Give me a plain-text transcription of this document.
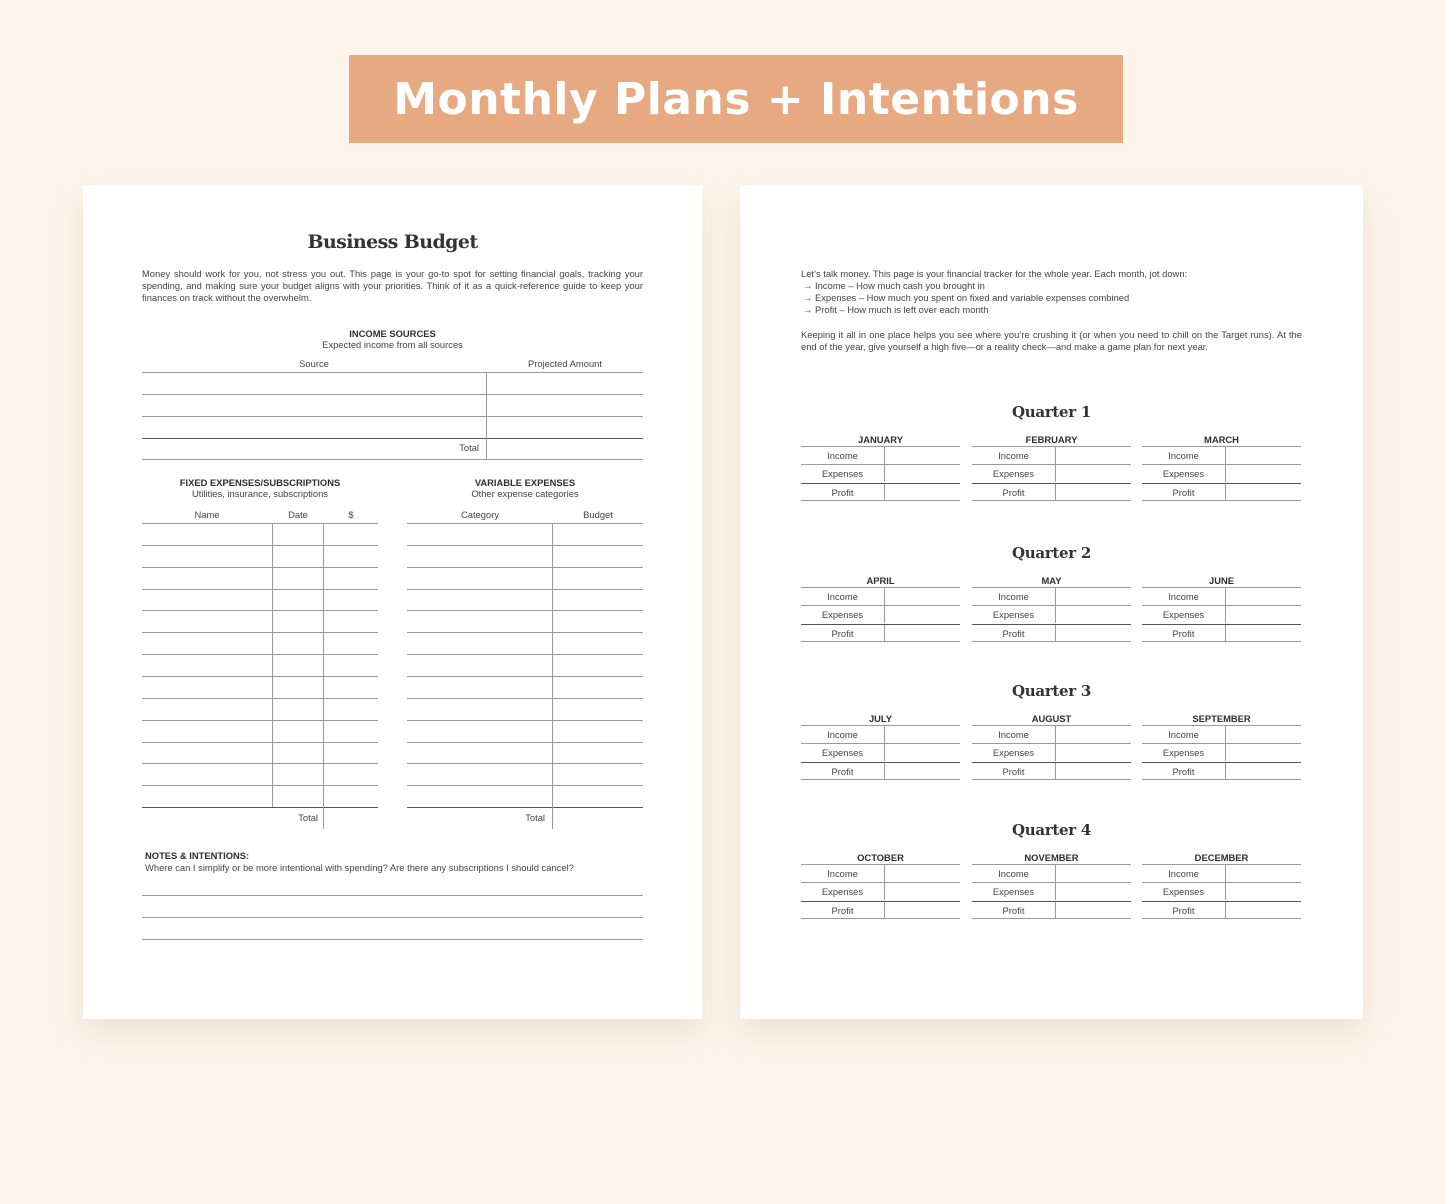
Monthly Plans + Intentions
Business Budget
Money should work for you, not stress you out. This page is your go-to spot for setting financial goals, tracking your spending, and making sure your budget aligns with your priorities. Think of it as a quick-reference guide to keep your finances on track without the overwhelm.
INCOME SOURCES
Expected income from all sources
Source	Projected Amount
Total
FIXED EXPENSES/SUBSCRIPTIONS
Utilities, insurance, subscriptions
Name	Date	$
Total
VARIABLE EXPENSES
Other expense categories
Category	Budget
Total
NOTES & INTENTIONS:
Where can I simplify or be more intentional with spending? Are there any subscriptions I should cancel?
Let’s talk money. This page is your financial tracker for the whole year. Each month, jot down:
→ Income – How much cash you brought in
→ Expenses – How much you spent on fixed and variable expenses combined
→ Profit – How much is left over each month
Keeping it all in one place helps you see where you’re crushing it (or when you need to chill on the Target runs). At the end of the year, give yourself a high five—or a reality check—and make a game plan for next year.
Quarter 1
JANUARY
Income
Expenses
Profit
FEBRUARY
Income
Expenses
Profit
MARCH
Income
Expenses
Profit
Quarter 2
APRIL
Income
Expenses
Profit
MAY
Income
Expenses
Profit
JUNE
Income
Expenses
Profit
Quarter 3
JULY
Income
Expenses
Profit
AUGUST
Income
Expenses
Profit
SEPTEMBER
Income
Expenses
Profit
Quarter 4
OCTOBER
Income
Expenses
Profit
NOVEMBER
Income
Expenses
Profit
DECEMBER
Income
Expenses
Profit
